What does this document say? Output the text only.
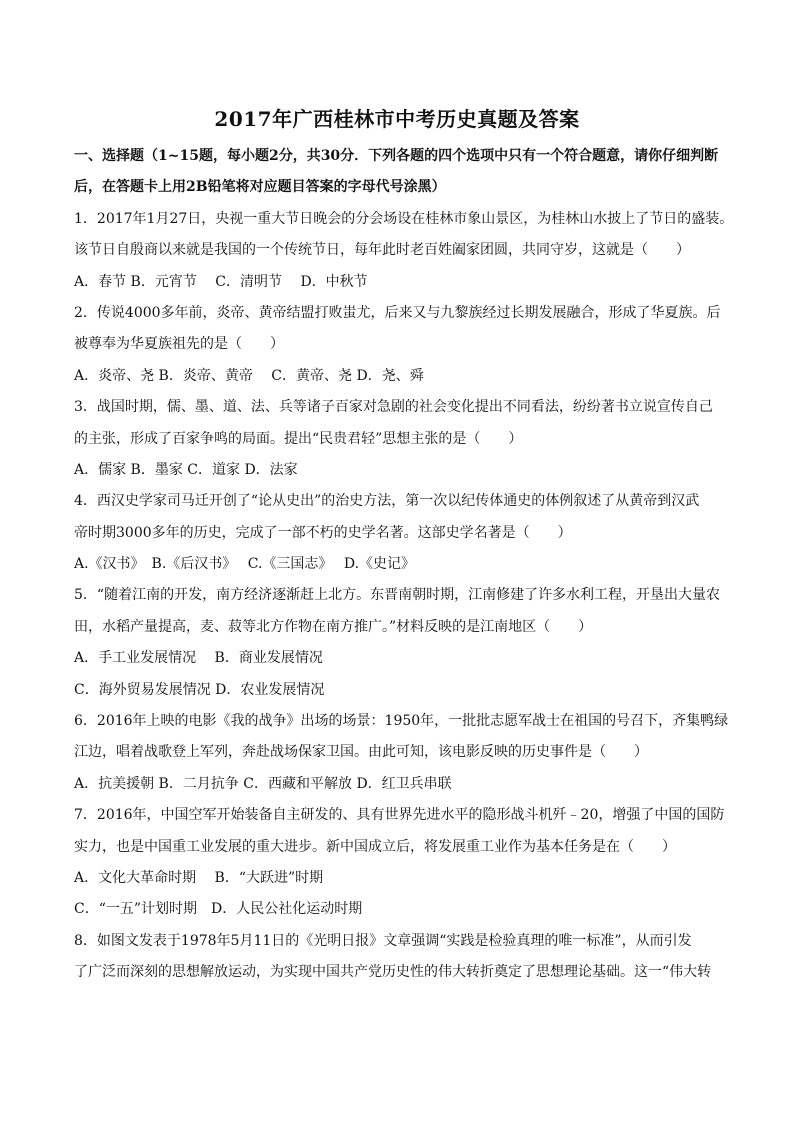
2017年广西桂林市中考历史真题及答案
一、选择题（1~15题，每小题2分，共30分．下列各题的四个选项中只有一个符合题意，请你仔细判断
后，在答题卡上用2B铅笔将对应题目答案的字母代号涂黑）
1．2017年1月27日，央视一重大节日晚会的分会场设在桂林市象山景区，为桂林山水披上了节日的盛装。
该节日自殷商以来就是我国的一个传统节日，每年此时老百姓阖家团圆，共同守岁，这就是（　　）
A．春节 B．元宵节　 C．清明节　 D．中秋节
2．传说4000多年前，炎帝、黄帝结盟打败蚩尤，后来又与九黎族经过长期发展融合，形成了华夏族。后
被尊奉为华夏族祖先的是（　　）
A．炎帝、尧 B．炎帝、黄帝　 C．黄帝、尧 D．尧、舜
3．战国时期，儒、墨、道、法、兵等诸子百家对急剧的社会变化提出不同看法，纷纷著书立说宣传自己
的主张，形成了百家争鸣的局面。提出“民贵君轻”思想主张的是（　　）
A．儒家 B．墨家 C．道家 D．法家
4．西汉史学家司马迁开创了“论从史出”的治史方法，第一次以纪传体通史的体例叙述了从黄帝到汉武
帝时期3000多年的历史，完成了一部不朽的史学名著。这部史学名著是（　　）
A.《汉书》　B.《后汉书》　 C.《三国志》　 D.《史记》
5．“随着江南的开发，南方经济逐渐赶上北方。东晋南朝时期，江南修建了许多水利工程，开垦出大量农
田，水稻产量提高，麦、菽等北方作物在南方推广。”材料反映的是江南地区（　　）
A．手工业发展情况　 B．商业发展情况
C．海外贸易发展情况 D．农业发展情况
6．2016年上映的电影《我的战争》出场的场景：1950年，一批批志愿军战士在祖国的号召下，齐集鸭绿
江边，唱着战歌登上军列，奔赴战场保家卫国。由此可知，该电影反映的历史事件是（　　）
A．抗美援朝 B．二月抗争 C．西藏和平解放 D．红卫兵串联
7．2016年，中国空军开始装备自主研发的、具有世界先进水平的隐形战斗机歼﹣20，增强了中国的国防
实力，也是中国重工业发展的重大进步。新中国成立后，将发展重工业作为基本任务是在（　　）
A．文化大革命时期　 B．“大跃进”时期
C．“一五”计划时期　D．人民公社化运动时期
8．如图文发表于1978年5月11日的《光明日报》文章强调“实践是检验真理的唯一标准”，从而引发
了广泛而深刻的思想解放运动，为实现中国共产党历史性的伟大转折奠定了思想理论基础。这一“伟大转
